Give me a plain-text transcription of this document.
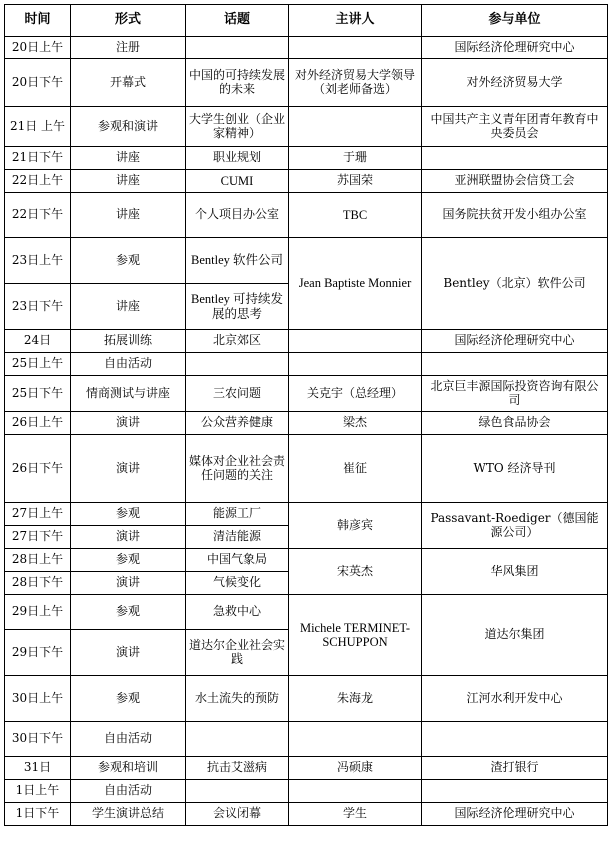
时间	形式	话题	主讲人	参与单位
20日上午	注册			国际经济伦理研究中心
20日下午	开幕式	中国的可持续发展的未来	对外经济贸易大学领导（刘老师备选）	对外经济贸易大学
21日 上午	参观和演讲	大学生创业（企业家精神）		中国共产主义青年团青年教育中央委员会
21日下午	讲座	职业规划	于珊	
22日上午	讲座	CUMI	苏国荣	亚洲联盟协会信贷工会
22日下午	讲座	个人项目办公室	TBC	国务院扶贫开发小组办公室
23日上午	参观	Bentley 软件公司	Jean Baptiste Monnier	Bentley（北京）软件公司
23日下午	讲座	Bentley 可持续发展的思考		
24日	拓展训练	北京郊区		国际经济伦理研究中心
25日上午	自由活动			
25日下午	情商测试与讲座	三农问题	关克宇（总经理）	北京巨丰源国际投资咨询有限公司
26日上午	演讲	公众营养健康	梁杰	绿色食品协会
26日下午	演讲	媒体对企业社会责任问题的关注	崔征	WTO 经济导刊
27日上午	参观	能源工厂	韩彦宾	Passavant-Roediger（德国能源公司）
27日下午	演讲	清洁能源		
28日上午	参观	中国气象局	宋英杰	华风集团
28日下午	演讲	气候变化		
29日上午	参观	急救中心	Michele TERMINET-SCHUPPON	道达尔集团
29日下午	演讲	道达尔企业社会实践		
30日上午	参观	水土流失的预防	朱海龙	江河水利开发中心
30日下午	自由活动			
31日	参观和培训	抗击艾滋病	冯硕康	渣打银行
1日上午	自由活动			
1日下午	学生演讲总结	会议闭幕	学生	国际经济伦理研究中心
